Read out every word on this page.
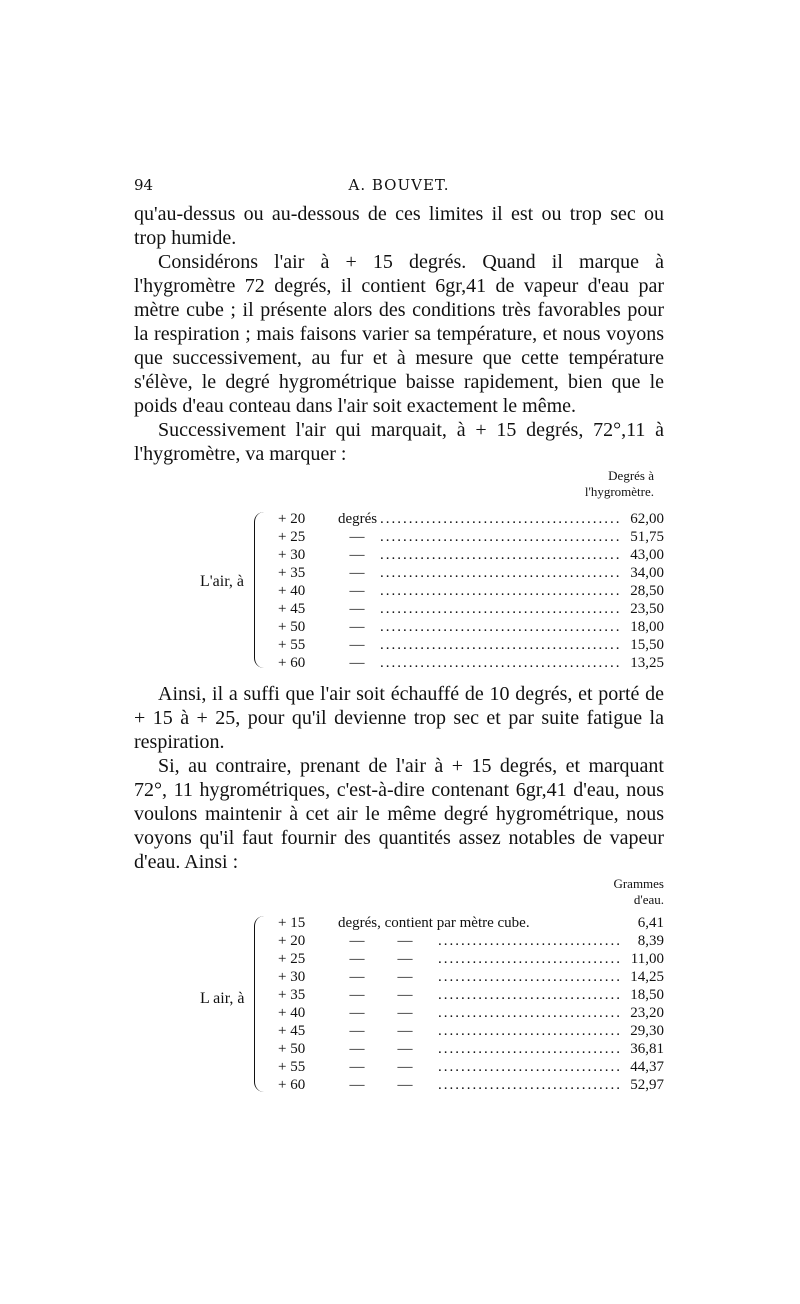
94	A. BOUVET.

qu'au-dessus ou au-dessous de ces limites il est ou trop sec ou trop humide.

Considérons l'air à + 15 degrés. Quand il marque à l'hygromètre 72 degrés, il contient 6gr,41 de vapeur d'eau par mètre cube ; il présente alors des conditions très favorables pour la respiration ; mais faisons varier sa température, et nous voyons que successivement, au fur et à mesure que cette température s'élève, le degré hygrométrique baisse rapidement, bien que le poids d'eau conteau dans l'air soit exactement le même.

Successivement l'air qui marquait, à + 15 degrés, 72°,11 à l'hygromètre, va marquer :

Degrés à
l'hygromètre.
L'air, à
+ 20	degrés .....	62,00
+ 25	— .....	51,75
+ 30	— .....	43,00
+ 35	— .....	34,00
+ 40	— .....	28,50
+ 45	— .....	23,50
+ 50	— .....	18,00
+ 55	— .....	15,50
+ 60	— .....	13,25

Ainsi, il a suffi que l'air soit échauffé de 10 degrés, et porté de + 15 à + 25, pour qu'il devienne trop sec et par suite fatigue la respiration.

Si, au contraire, prenant de l'air à + 15 degrés, et marquant 72°, 11 hygrométriques, c'est-à-dire contenant 6gr,41 d'eau, nous voulons maintenir à cet air le même degré hygrométrique, nous voyons qu'il faut fournir des quantités assez notables de vapeur d'eau. Ainsi :

Grammes
d'eau.
L air, à
+ 15	degrés, contient par mètre cube.	6,41
+ 20	—	— .....	8,39
+ 25	—	— .....	11,00
+ 30	—	— .....	14,25
+ 35	—	— .....	18,50
+ 40	—	— .....	23,20
+ 45	—	— .....	29,30
+ 50	—	— .....	36,81
+ 55	—	— .....	44,37
+ 60	—	— .....	52,97
